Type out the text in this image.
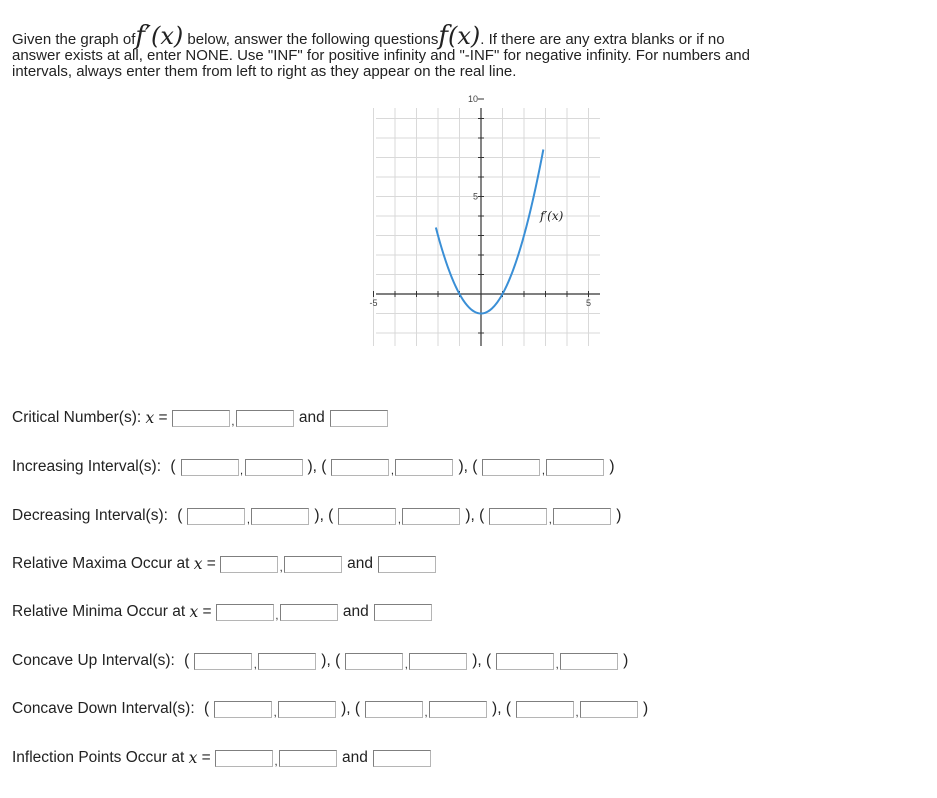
Given the graph off′(x) below, answer the following questionsf(x). If there are any extra blanks or if no
answer exists at all, enter NONE. Use "INF" for positive infinity and "-INF" for negative infinity. For numbers and
intervals, always enter them from left to right as they appear on the real line.
f′(x)
-5	5
5
10
Critical Number(s): x =	,	and
Increasing Interval(s): (	,	), (	,	), (	,	)
Decreasing Interval(s): (	,	), (	,	), (	,	)
Relative Maxima Occur at x =	,	and
Relative Minima Occur at x =	,	and
Concave Up Interval(s): (	,	), (	,	), (	,	)
Concave Down Interval(s): (	,	), (	,	), (	,	)
Inflection Points Occur at x =	,	and
